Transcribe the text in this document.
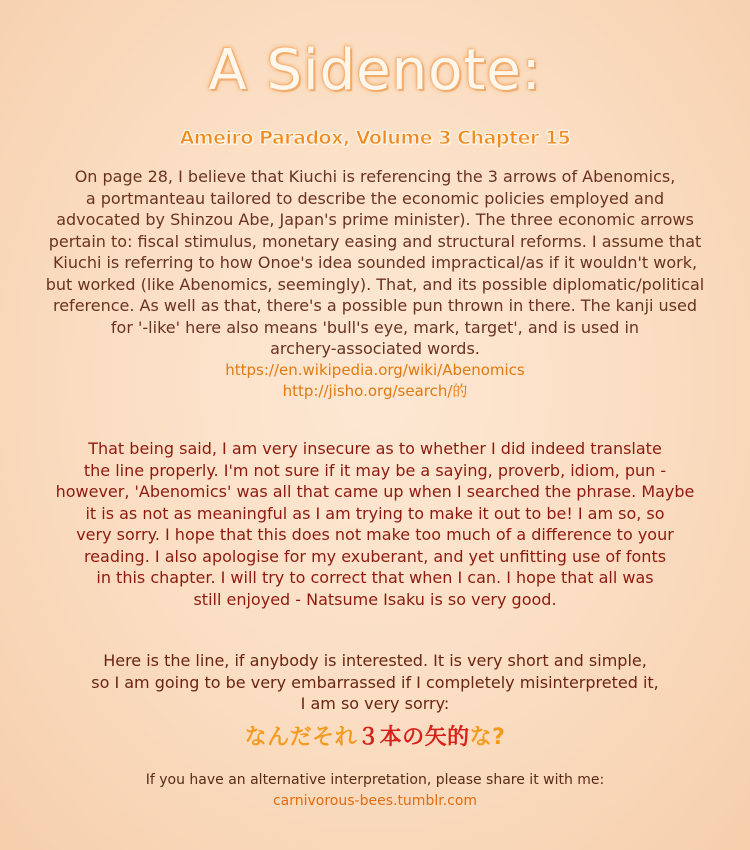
A Sidenote:
Ameiro Paradox, Volume 3 Chapter 15
On page 28, I believe that Kiuchi is referencing the 3 arrows of Abenomics,
a portmanteau tailored to describe the economic policies employed and
advocated by Shinzou Abe, Japan's prime minister). The three economic arrows
pertain to: fiscal stimulus, monetary easing and structural reforms. I assume that
Kiuchi is referring to how Onoe's idea sounded impractical/as if it wouldn't work,
but worked (like Abenomics, seemingly). That, and its possible diplomatic/political
reference. As well as that, there's a possible pun thrown in there. The kanji used
for '-like' here also means 'bull's eye, mark, target', and is used in
archery-associated words.
https://en.wikipedia.org/wiki/Abenomics
http://jisho.org/search/的
That being said, I am very insecure as to whether I did indeed translate
the line properly. I'm not sure if it may be a saying, proverb, idiom, pun -
however, 'Abenomics' was all that came up when I searched the phrase. Maybe
it is as not as meaningful as I am trying to make it out to be! I am so, so
very sorry. I hope that this does not make too much of a difference to your
reading. I also apologise for my exuberant, and yet unfitting use of fonts
in this chapter. I will try to correct that when I can. I hope that all was
still enjoyed - Natsume Isaku is so very good.
Here is the line, if anybody is interested. It is very short and simple,
so I am going to be very embarrassed if I completely misinterpreted it,
I am so very sorry:
なんだそれ３本の矢的な?
If you have an alternative interpretation, please share it with me:
carnivorous-bees.tumblr.com
